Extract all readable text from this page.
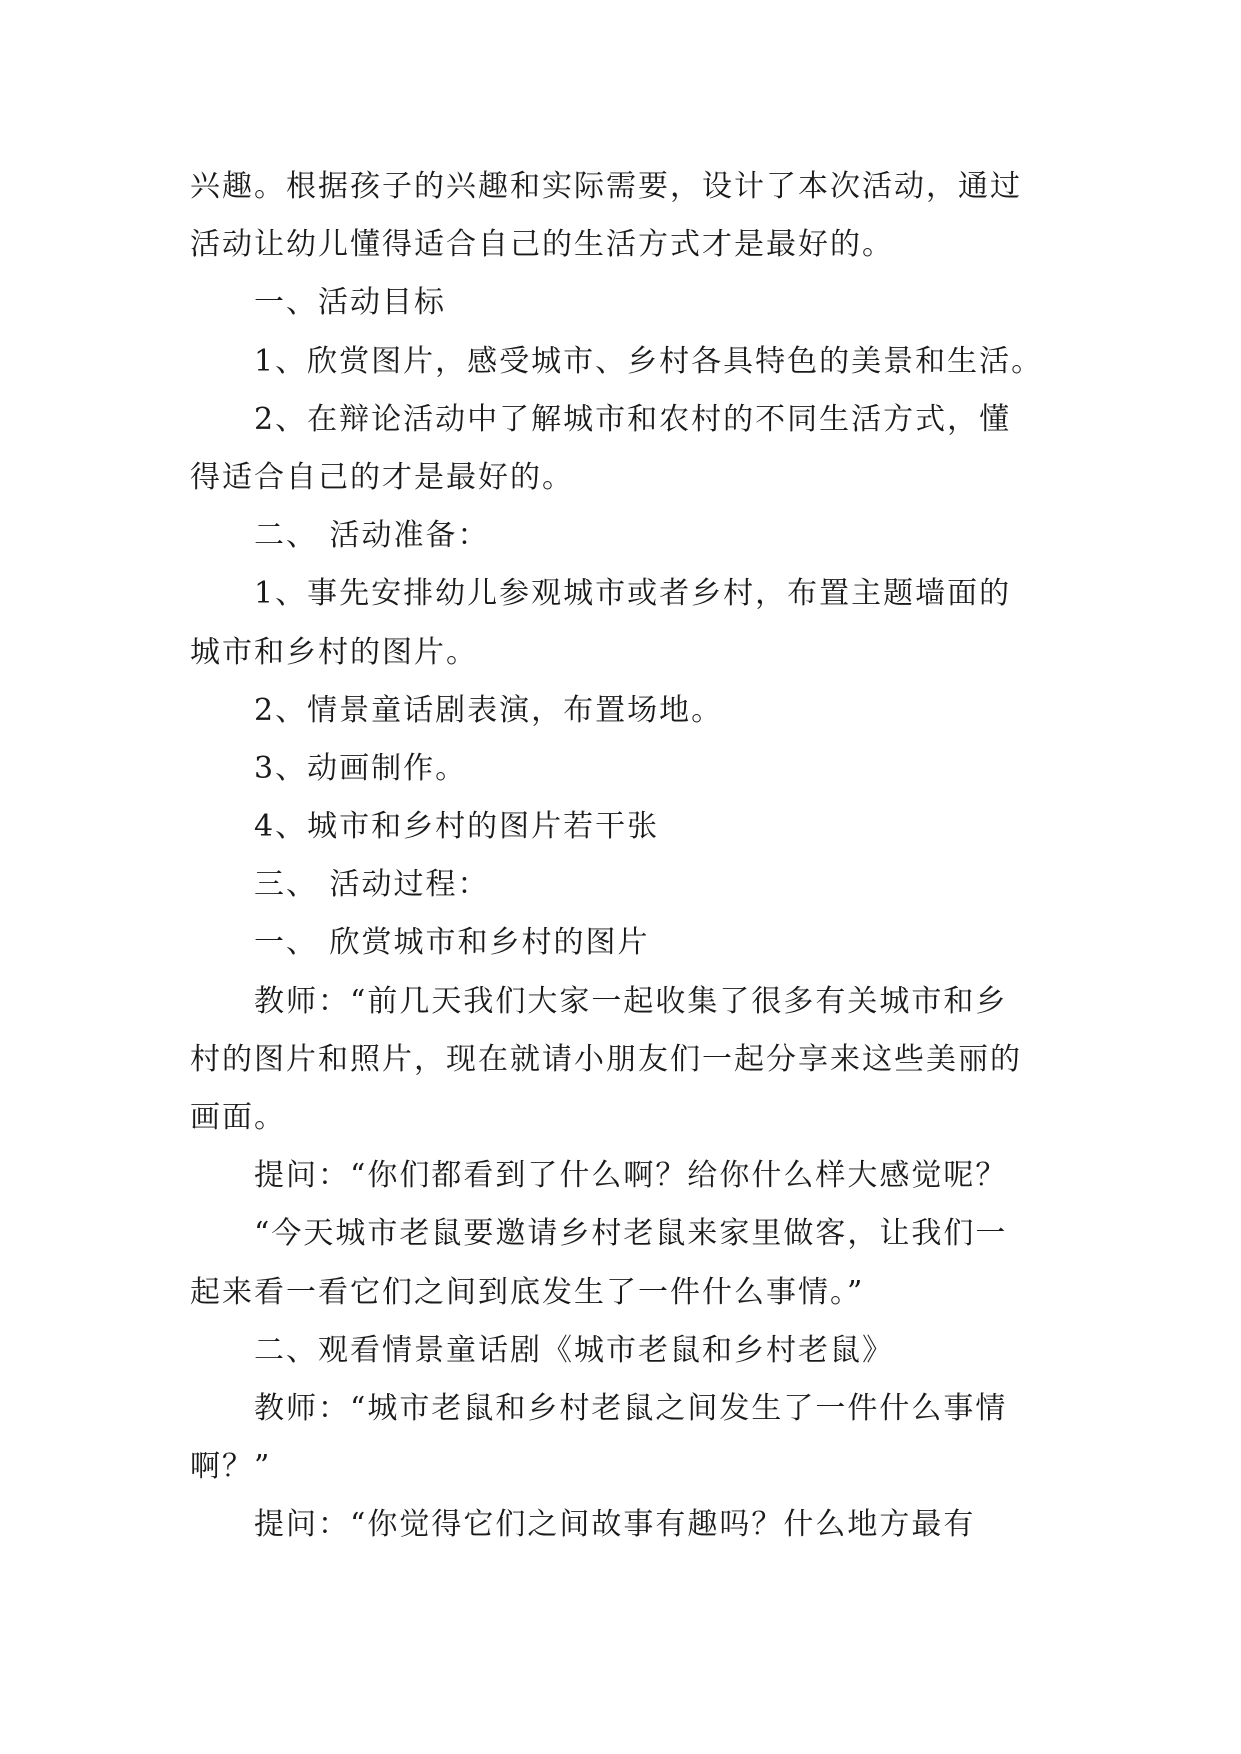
兴趣。根据孩子的兴趣和实际需要，设计了本次活动，通过
活动让幼儿懂得适合自己的生活方式才是最好的。
一、活动目标
1、欣赏图片，感受城市、乡村各具特色的美景和生活。
2、在辩论活动中了解城市和农村的不同生活方式，懂
得适合自己的才是最好的。
二、 活动准备：
1、事先安排幼儿参观城市或者乡村，布置主题墙面的
城市和乡村的图片。
2、情景童话剧表演，布置场地。
3、动画制作。
4、城市和乡村的图片若干张
三、 活动过程：
一、 欣赏城市和乡村的图片
教师：“前几天我们大家一起收集了很多有关城市和乡
村的图片和照片，现在就请小朋友们一起分享来这些美丽的
画面。
提问：“你们都看到了什么啊？给你什么样大感觉呢？
“今天城市老鼠要邀请乡村老鼠来家里做客，让我们一
起来看一看它们之间到底发生了一件什么事情。”
二、观看情景童话剧《城市老鼠和乡村老鼠》
教师：“城市老鼠和乡村老鼠之间发生了一件什么事情
啊？”
提问：“你觉得它们之间故事有趣吗？什么地方最有
